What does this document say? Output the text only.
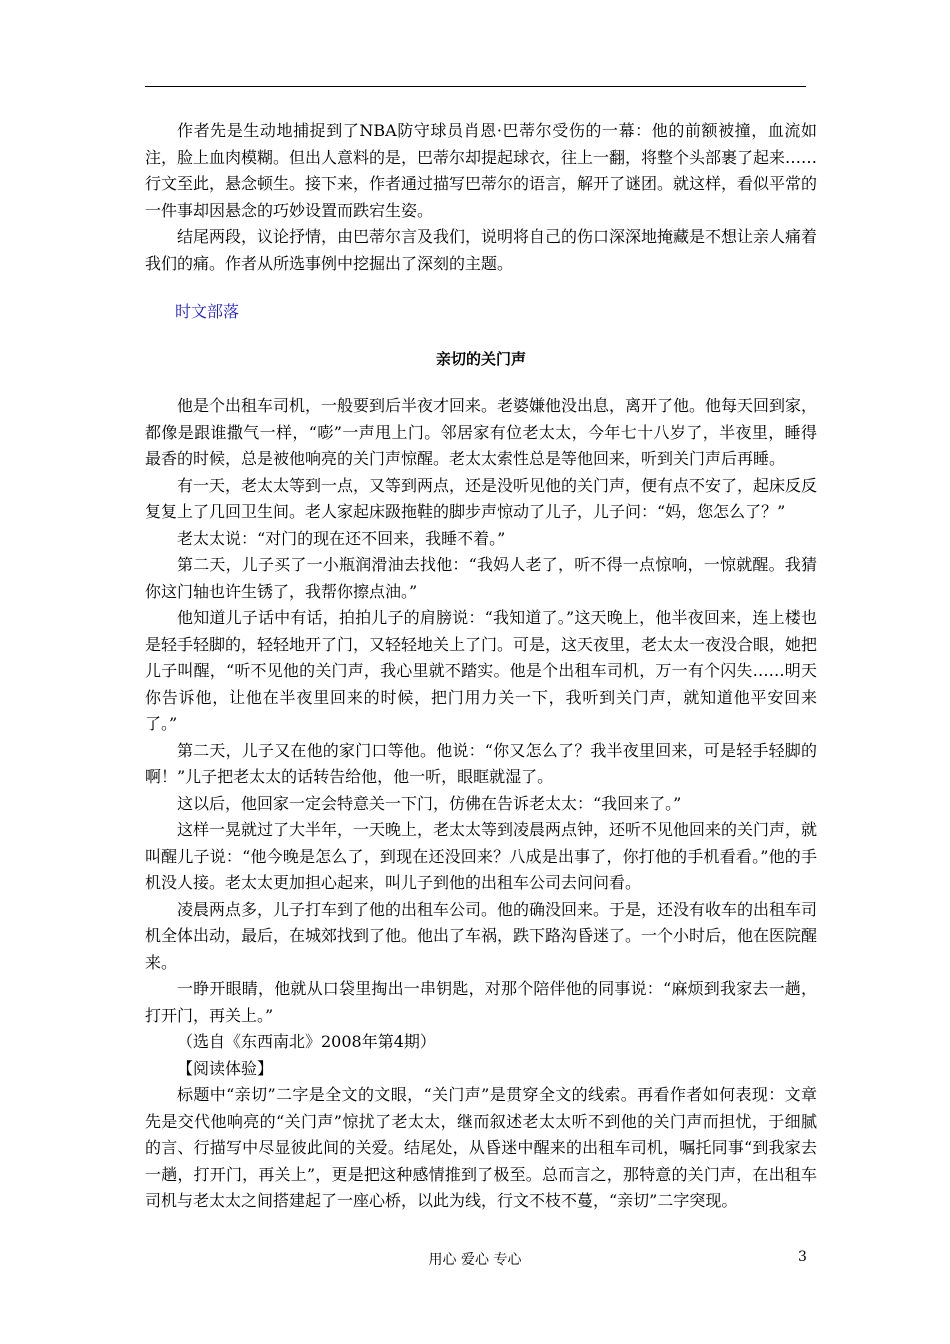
作者先是生动地捕捉到了NBA防守球员肖恩·巴蒂尔受伤的一幕：他的前额被撞，血流如注，脸上血肉模糊。但出人意料的是，巴蒂尔却提起球衣，往上一翻，将整个头部裹了起来……行文至此，悬念顿生。接下来，作者通过描写巴蒂尔的语言，解开了谜团。就这样，看似平常的一件事却因悬念的巧妙设置而跌宕生姿。

结尾两段，议论抒情，由巴蒂尔言及我们，说明将自己的伤口深深地掩藏是不想让亲人痛着我们的痛。作者从所选事例中挖掘出了深刻的主题。

时文部落
亲切的关门声

他是个出租车司机，一般要到后半夜才回来。老婆嫌他没出息，离开了他。他每天回到家，都像是跟谁撒气一样，“嘭”一声甩上门。邻居家有位老太太，今年七十八岁了，半夜里，睡得最香的时候，总是被他响亮的关门声惊醒。老太太索性总是等他回来，听到关门声后再睡。

有一天，老太太等到一点，又等到两点，还是没听见他的关门声，便有点不安了，起床反反复复上了几回卫生间。老人家起床趿拖鞋的脚步声惊动了儿子，儿子问：“妈，您怎么了？”

老太太说：“对门的现在还不回来，我睡不着。”

第二天，儿子买了一小瓶润滑油去找他：“我妈人老了，听不得一点惊响，一惊就醒。我猜你这门轴也许生锈了，我帮你擦点油。”

他知道儿子话中有话，拍拍儿子的肩膀说：“我知道了。”这天晚上，他半夜回来，连上楼也是轻手轻脚的，轻轻地开了门，又轻轻地关上了门。可是，这天夜里，老太太一夜没合眼，她把儿子叫醒，“听不见他的关门声，我心里就不踏实。他是个出租车司机，万一有个闪失……明天你告诉他，让他在半夜里回来的时候，把门用力关一下，我听到关门声，就知道他平安回来了。”

第二天，儿子又在他的家门口等他。他说：“你又怎么了？我半夜里回来，可是轻手轻脚的啊！”儿子把老太太的话转告给他，他一听，眼眶就湿了。

这以后，他回家一定会特意关一下门，仿佛在告诉老太太：“我回来了。”

这样一晃就过了大半年，一天晚上，老太太等到凌晨两点钟，还听不见他回来的关门声，就叫醒儿子说：“他今晚是怎么了，到现在还没回来？八成是出事了，你打他的手机看看。”他的手机没人接。老太太更加担心起来，叫儿子到他的出租车公司去问问看。

凌晨两点多，儿子打车到了他的出租车公司。他的确没回来。于是，还没有收车的出租车司机全体出动，最后，在城郊找到了他。他出了车祸，跌下路沟昏迷了。一个小时后，他在医院醒来。

一睁开眼睛，他就从口袋里掏出一串钥匙，对那个陪伴他的同事说：“麻烦到我家去一趟，打开门，再关上。”

（选自《东西南北》2008年第4期）

【阅读体验】

标题中“亲切”二字是全文的文眼，“关门声”是贯穿全文的线索。再看作者如何表现：文章先是交代他响亮的“关门声”惊扰了老太太，继而叙述老太太听不到他的关门声而担忧，于细腻的言、行描写中尽显彼此间的关爱。结尾处，从昏迷中醒来的出租车司机，嘱托同事“到我家去一趟，打开门，再关上”，更是把这种感情推到了极至。总而言之，那特意的关门声，在出租车司机与老太太之间搭建起了一座心桥，以此为线，行文不枝不蔓，“亲切”二字突现。

用心 爱心 专心	3
